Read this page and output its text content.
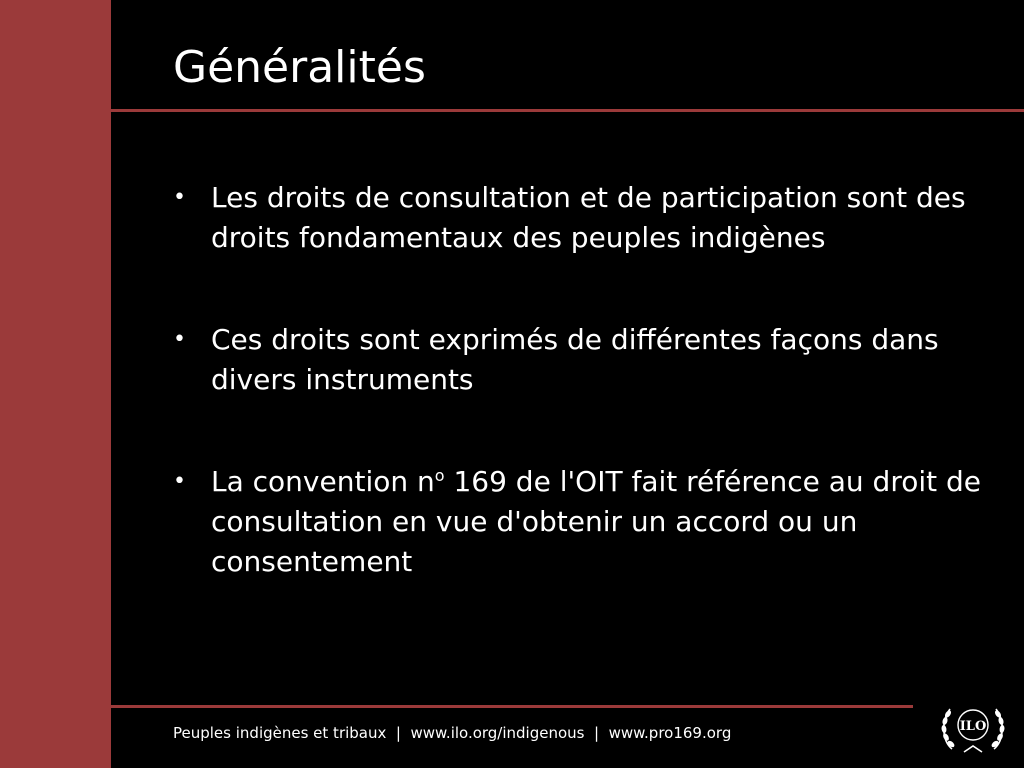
Généralités
• Les droits de consultation et de participation sont des droits fondamentaux des peuples indigènes
• Ces droits sont exprimés de différentes façons dans divers instruments
• La convention $n^o$ 169 de l'OIT fait référence au droit de consultation en vue d'obtenir un accord ou un consentement
Peuples indigènes et tribaux  |  www.ilo.org/indigenous  |  www.pro169.org	ILO
